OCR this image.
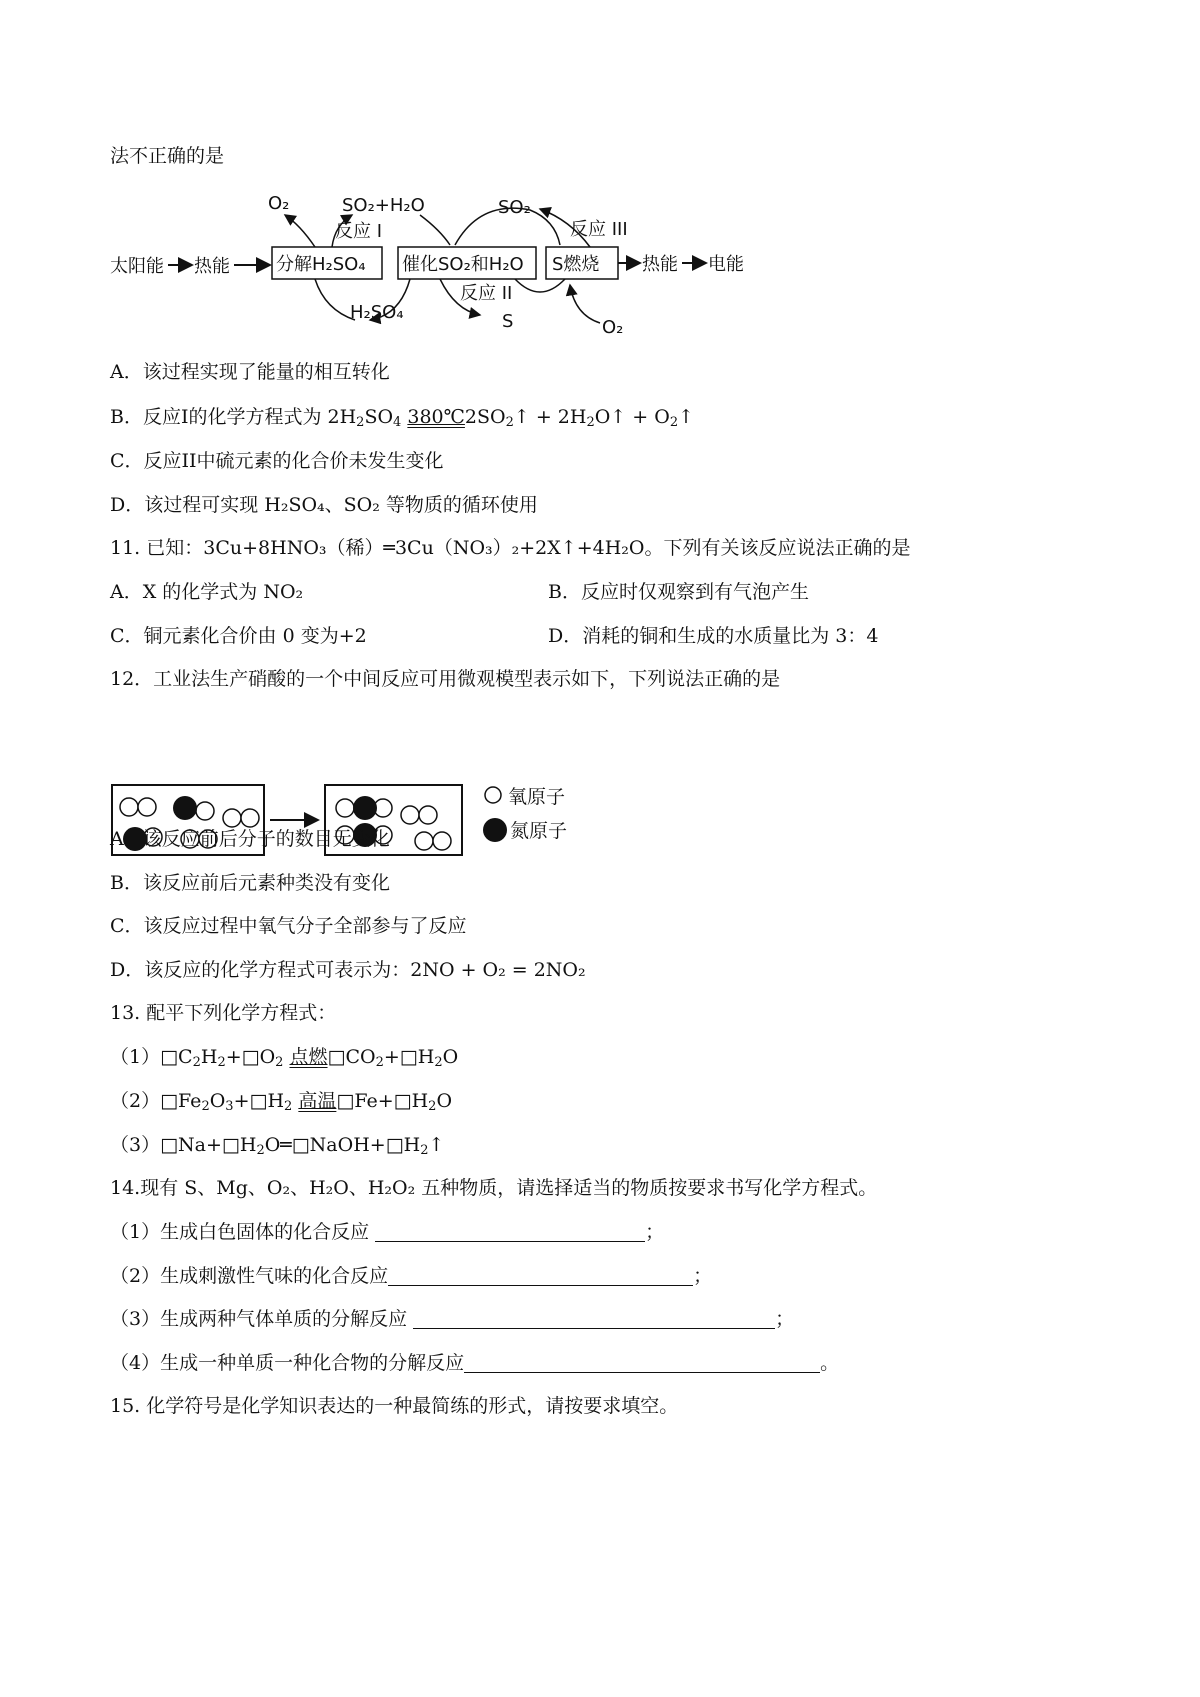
法不正确的是
太阳能 热能	分解H₂SO₄ 催化SO₂和H₂O S燃烧 热能 电能
O₂	SO₂+H₂O
反应 I
SO₂
反应 III
H₂SO₄
反应 II
S	O₂
A．该过程实现了能量的相互转化
B．反应I的化学方程式为 $2H_2SO_4$ $380℃2SO_2↑$ + $2H_2O↑$ + $O_2↑$
C．反应II中硫元素的化合价未发生变化
D．该过程可实现 H₂SO₄、SO₂ 等物质的循环使用
11. 已知：3Cu+8HNO₃（稀）═3Cu（NO₃）₂+2X↑+4H₂O。下列有关该反应说法正确的是
A．X 的化学式为 NO₂	B．反应时仅观察到有气泡产生
C．铜元素化合价由 0 变为+2	D．消耗的铜和生成的水质量比为 3：4
12．工业法生产硝酸的一个中间反应可用微观模型表示如下，下列说法正确的是
氧原子
氮原子
A．该反应前后分子的数目无变化
B．该反应前后元素种类没有变化
C．该反应过程中氧气分子全部参与了反应
D．该反应的化学方程式可表示为：2NO + O₂ = 2NO₂
13. 配平下列化学方程式：
$(1)□C_2H_2+□O_2$ 点燃$□CO_2+□H_2O$
$(2)□Fe_2O_3+□H_2$ 高温$□Fe+□H_2O$
$(3)□Na+□H_2O═□NaOH+□H_2↑$
14.现有 S、Mg、O₂、H₂O、H₂O₂ 五种物质，请选择适当的物质按要求书写化学方程式。
（1）生成白色固体的化合反应	；
（2）生成刺激性气味的化合反应	；
（3）生成两种气体单质的分解反应	；
（4）生成一种单质一种化合物的分解反应	。
15. 化学符号是化学知识表达的一种最简练的形式，请按要求填空。
